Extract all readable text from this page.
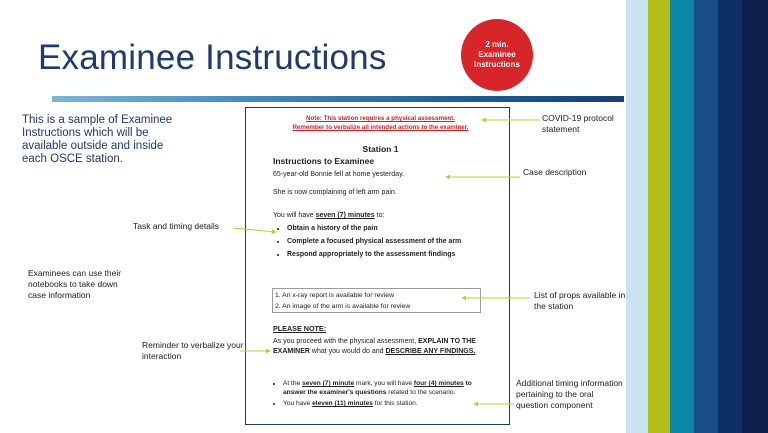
Examinee Instructions	2 min.
Examinee
Instructions
This is a sample of Examinee Instructions which will be available outside and inside each OSCE station.
Task and timing details
Examinees can use their notebooks to take down case information
Reminder to verbalize your interaction
COVID-19 protocol statement
Case description
List of props available in the station
Additional timing information pertaining to the oral question component
Note: This station requires a physical assessment.
Remember to verbalize all intended actions to the examiner.
Station 1
Instructions to Examinee
65-year-old Bonnie fell at home yesterday.
She is now complaining of left arm pain.
You will have seven (7) minutes to:
• Obtain a history of the pain
• Complete a focused physical assessment of the arm
• Respond appropriately to the assessment findings
1. An x-ray report is available for review
2. An image of the arm is available for review
PLEASE NOTE:
As you proceed with the physical assessment, EXPLAIN TO THE EXAMINER what you would do and DESCRIBE ANY FINDINGS.
• At the seven (7) minute mark, you will have four (4) minutes to answer the examiner's questions related to the scenario.
• You have eleven (11) minutes for this station.
